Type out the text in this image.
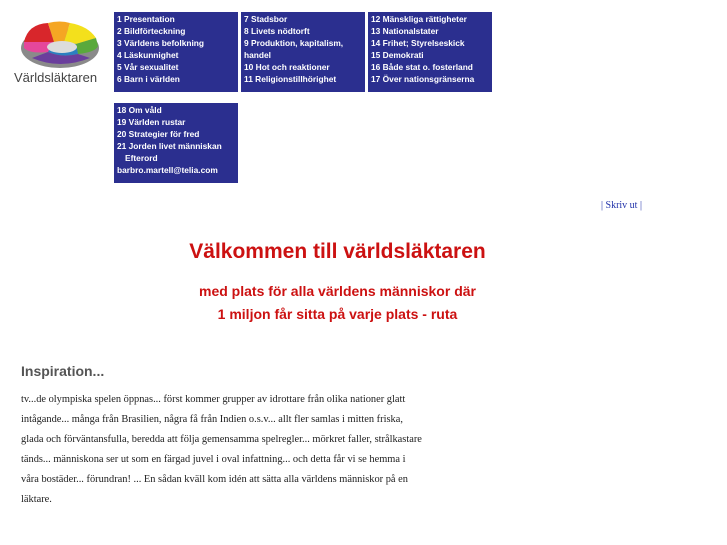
Världsläktaren
1 Presentation
2 Bildförteckning
3 Världens befolkning
4 Läskunnighet
5 Vår sexualitet
6 Barn i världen
7 Stadsbor
8 Livets nödtorft
9 Produktion, kapitalism,
handel
10 Hot och reaktioner
11 Religionstillhörighet
12 Mänskliga rättigheter
13 Nationalstater
14 Frihet; Styrelseskick
15 Demokrati
16 Både stat o. fosterland
17 Över nationsgränserna
18 Om våld
19 Världen rustar
20 Strategier för fred
21 Jorden livet människan
Efterord
barbro.martell@telia.com
| Skriv ut |
Välkommen till världsläktaren
med plats för alla världens människor där
1 miljon får sitta på varje plats - ruta
Inspiration...
tv...de olympiska spelen öppnas... först kommer grupper av idrottare från olika nationer glatt
intågande... många från Brasilien, några få från Indien o.s.v... allt fler samlas i mitten friska,
glada och förväntansfulla, beredda att följa gemensamma spelregler... mörkret faller, strålkastare
tänds... människona ser ut som en färgad juvel i oval infattning... och detta får vi se hemma i
våra bostäder... förundran! ... En sådan kväll kom idén att sätta alla världens människor på en
läktare.
